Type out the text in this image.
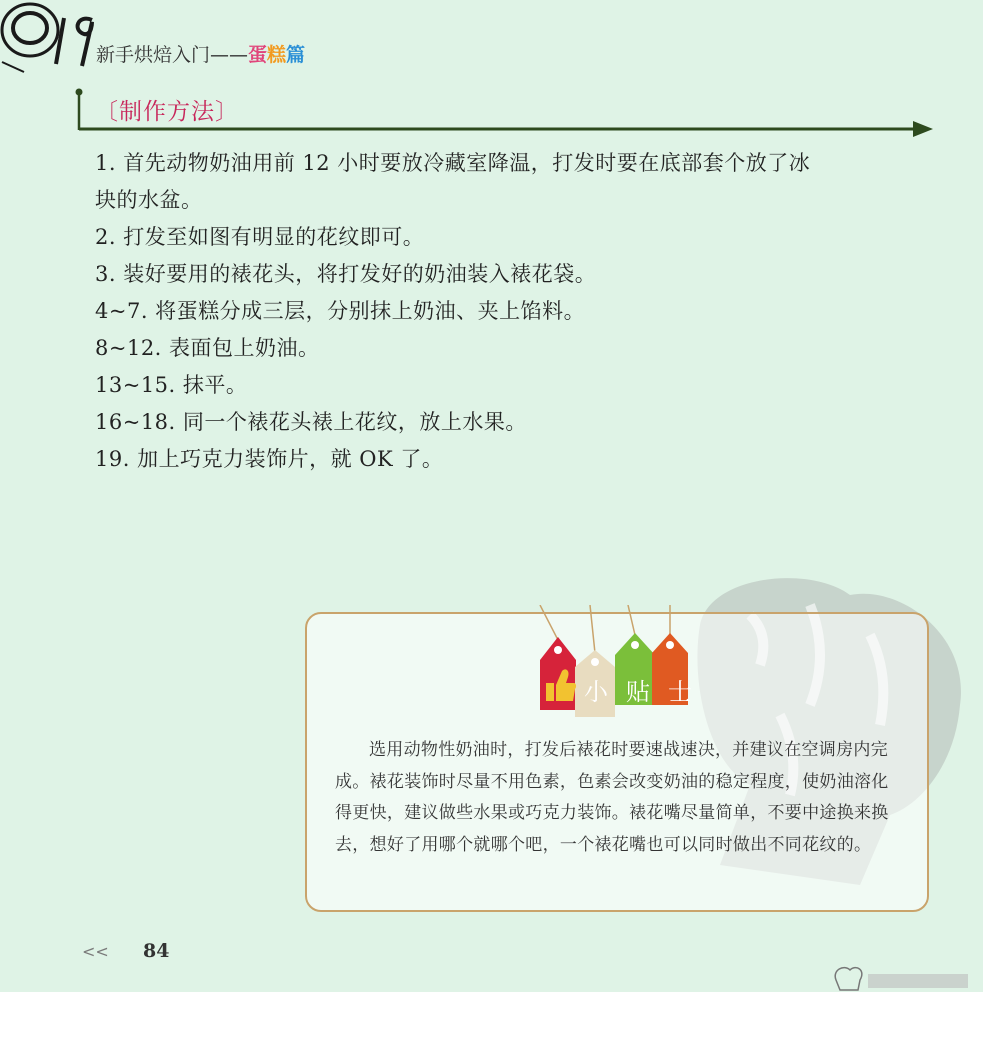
新手烘焙入门——蛋糕篇
〔制作方法〕
1. 首先动物奶油用前 12 小时要放冷藏室降温，打发时要在底部套个放了冰
块的水盆。
2. 打发至如图有明显的花纹即可。
3. 装好要用的裱花头，将打发好的奶油装入裱花袋。
4~7. 将蛋糕分成三层，分别抹上奶油、夹上馅料。
8~12. 表面包上奶油。
13~15. 抹平。
16~18. 同一个裱花头裱上花纹，放上水果。
19. 加上巧克力装饰片，就 OK 了。
小贴士

选用动物性奶油时，打发后裱花时要速战速决，并建议在空调房内完成。裱花装饰时尽量不用色素，色素会改变奶油的稳定程度，使奶油溶化得更快，建议做些水果或巧克力装饰。裱花嘴尽量简单，不要中途换来换去，想好了用哪个就哪个吧，一个裱花嘴也可以同时做出不同花纹的。

<< 84
